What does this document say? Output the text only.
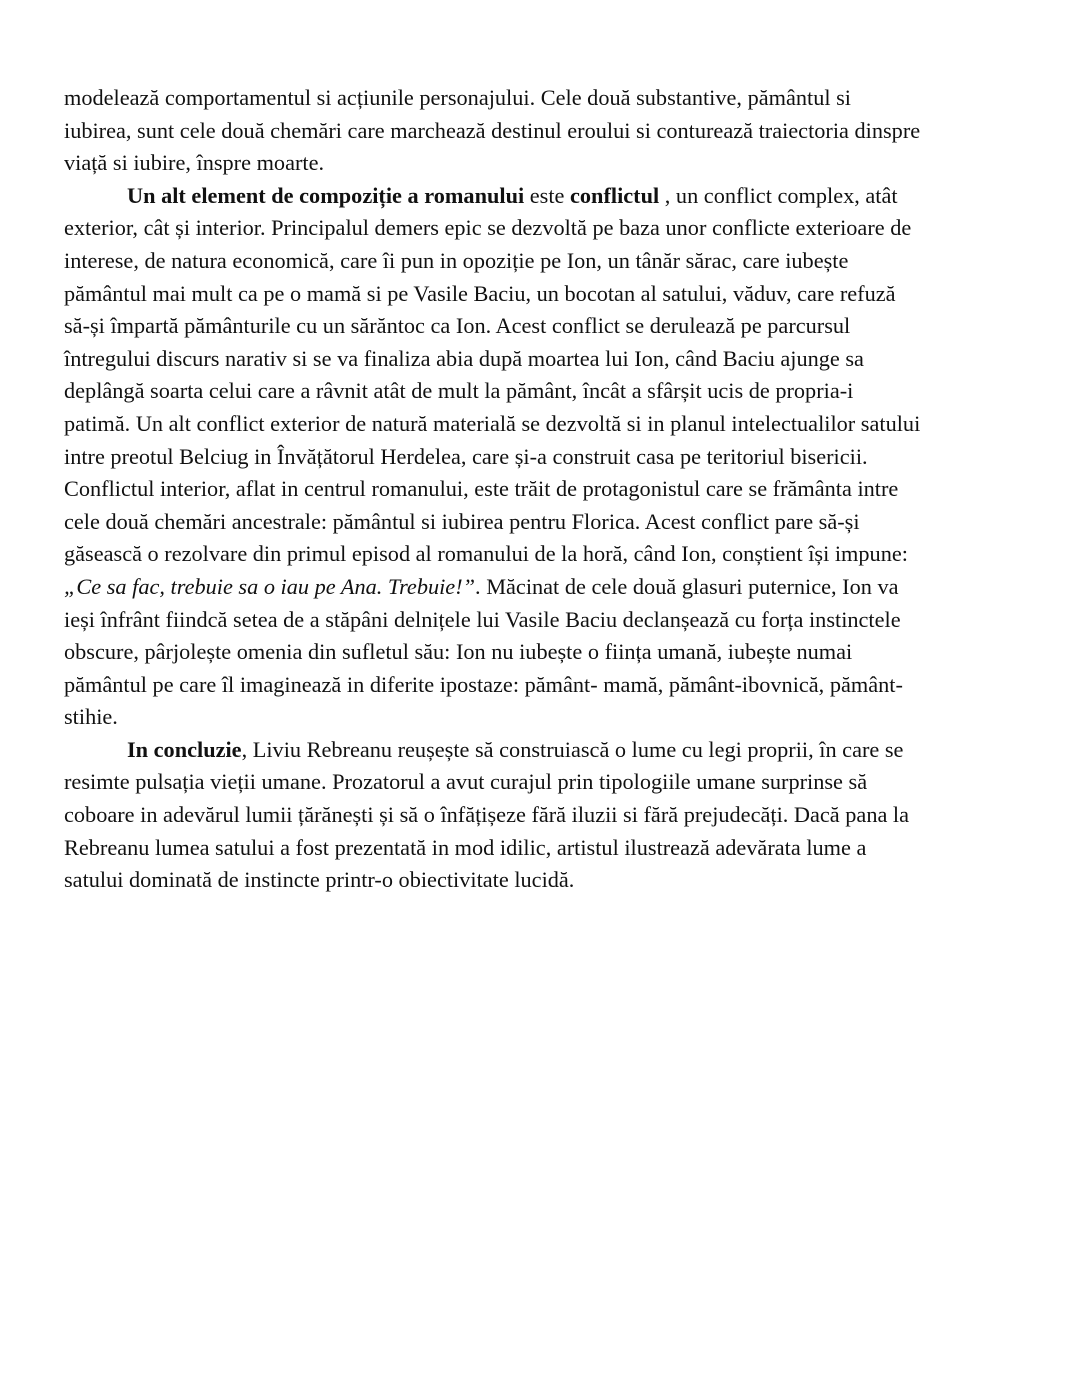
modelează comportamentul si acțiunile personajului. Cele două substantive, pământul si
iubirea, sunt cele două chemări care marchează destinul eroului si conturează traiectoria dinspre
viață si iubire, înspre moarte.
Un alt element de compoziție a romanului este conflictul , un conflict complex, atât
exterior, cât și interior. Principalul demers epic se dezvoltă pe baza unor conflicte exterioare de
interese, de natura economică, care îi pun in opoziție pe Ion, un tânăr sărac, care iubește
pământul mai mult ca pe o mamă si pe Vasile Baciu, un bocotan al satului, văduv, care refuză
să-și împartă pământurile cu un sărăntoc ca Ion. Acest conflict se derulează pe parcursul
întregului discurs narativ si se va finaliza abia după moartea lui Ion, când Baciu ajunge sa
deplângă soarta celui care a râvnit atât de mult la pământ, încât a sfârșit ucis de propria-i
patimă. Un alt conflict exterior de natură materială se dezvoltă si in planul intelectualilor satului
intre preotul Belciug in Învățătorul Herdelea, care și-a construit casa pe teritoriul bisericii.
Conflictul interior, aflat in centrul romanului, este trăit de protagonistul care se frământa intre
cele două chemări ancestrale: pământul si iubirea pentru Florica. Acest conflict pare să-și
găsească o rezolvare din primul episod al romanului de la horă, când Ion, conștient își impune:
„Ce sa fac, trebuie sa o iau pe Ana. Trebuie!”. Măcinat de cele două glasuri puternice, Ion va
ieși înfrânt fiindcă setea de a stăpâni delnițele lui Vasile Baciu declanșează cu forța instinctele
obscure, pârjolește omenia din sufletul său: Ion nu iubește o ființa umană, iubește numai
pământul pe care îl imaginează in diferite ipostaze: pământ- mamă, pământ-ibovnică, pământ-
stihie.
In concluzie, Liviu Rebreanu reușește să construiască o lume cu legi proprii, în care se
resimte pulsația vieții umane. Prozatorul a avut curajul prin tipologiile umane surprinse să
coboare in adevărul lumii țărănești și să o înfățișeze fără iluzii si fără prejudecăți. Dacă pana la
Rebreanu lumea satului a fost prezentată in mod idilic, artistul ilustrează adevărata lume a
satului dominată de instincte printr-o obiectivitate lucidă.
